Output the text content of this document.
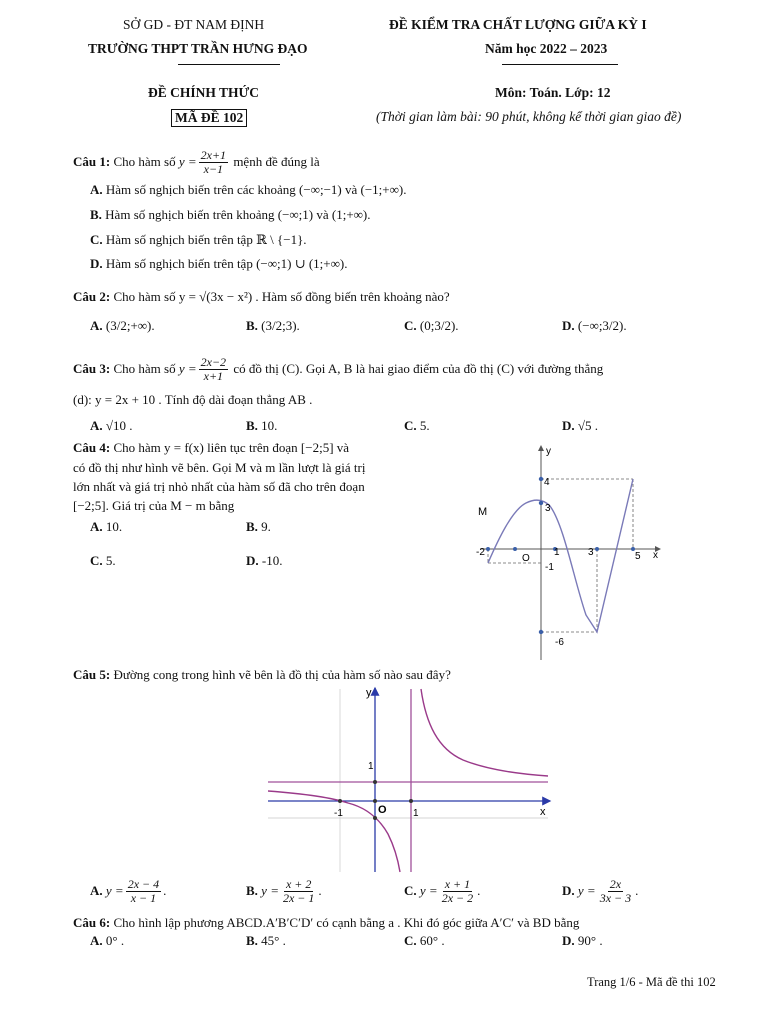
SỞ GD - ĐT NAM ĐỊNH
TRƯỜNG THPT TRẦN HƯNG ĐẠO
ĐỀ KIỂM TRA CHẤT LƯỢNG GIỮA KỲ I
Năm học 2022 – 2023
ĐỀ CHÍNH THỨC
MÃ ĐỀ 102
Môn: Toán. Lớp: 12
(Thời gian làm bài: 90 phút, không kể thời gian giao đề)
Câu 1:
Cho hàm số
$y = \frac{2x+1}{x-1}$
mệnh đề đúng là
A. Hàm số nghịch biến trên các khoảng (−∞;−1) và (−1;+∞).
B. Hàm số nghịch biến trên khoảng (−∞;1) và (1;+∞).
C. Hàm số nghịch biến trên tập ℝ \ {−1}.
D. Hàm số nghịch biến trên tập (−∞;1) ∪ (1;+∞).
Câu 2: Cho hàm số y = √(3x − x²) . Hàm số đồng biến trên khoảng nào?
A. (3/2;+∞).	B. (3/2;3).	C. (0;3/2).	D. (−∞;3/2).
Câu 3:
Cho hàm số
$y = \frac{2x-2}{x+1}$
có đồ thị (C). Gọi A, B là hai giao điểm của đồ thị (C) với đường thẳng
(d): y = 2x + 10 . Tính độ dài đoạn thẳng AB .
A. √10 .	B. 10.	C. 5.	D. √5 .
Câu 4: Cho hàm y = f(x) liên tục trên đoạn [−2;5] và
có đồ thị như hình vẽ bên. Gọi M và m lần lượt là giá trị
lớn nhất và giá trị nhỏ nhất của hàm số đã cho trên đoạn
[−2;5]. Giá trị của M − m bằng
A. 10.	B. 9.
C. 5.	D. -10.
y
x
O
M
4
3
-1
-6
-2	1	3	5
Câu 5: Đường cong trong hình vẽ bên là đồ thị của hàm số nào sau đây?
y
x
O
1
1
-1
A.
$y = \frac{2x - 4}{x - 1}$ .	B.
$y = \frac{x + 2}{2x - 1}$ .	C.
$y = \frac{x + 1}{2x - 2}$ .	D.
$y = \frac{2x}{3x - 3}$ .
Câu 6: Cho hình lập phương ABCD.A′B′C′D′ có cạnh bằng a . Khi đó góc giữa A′C′ và BD bằng
A. 0° .	B. 45° .	C. 60° .	D. 90° .
Trang 1/6 - Mã đề thi 102
